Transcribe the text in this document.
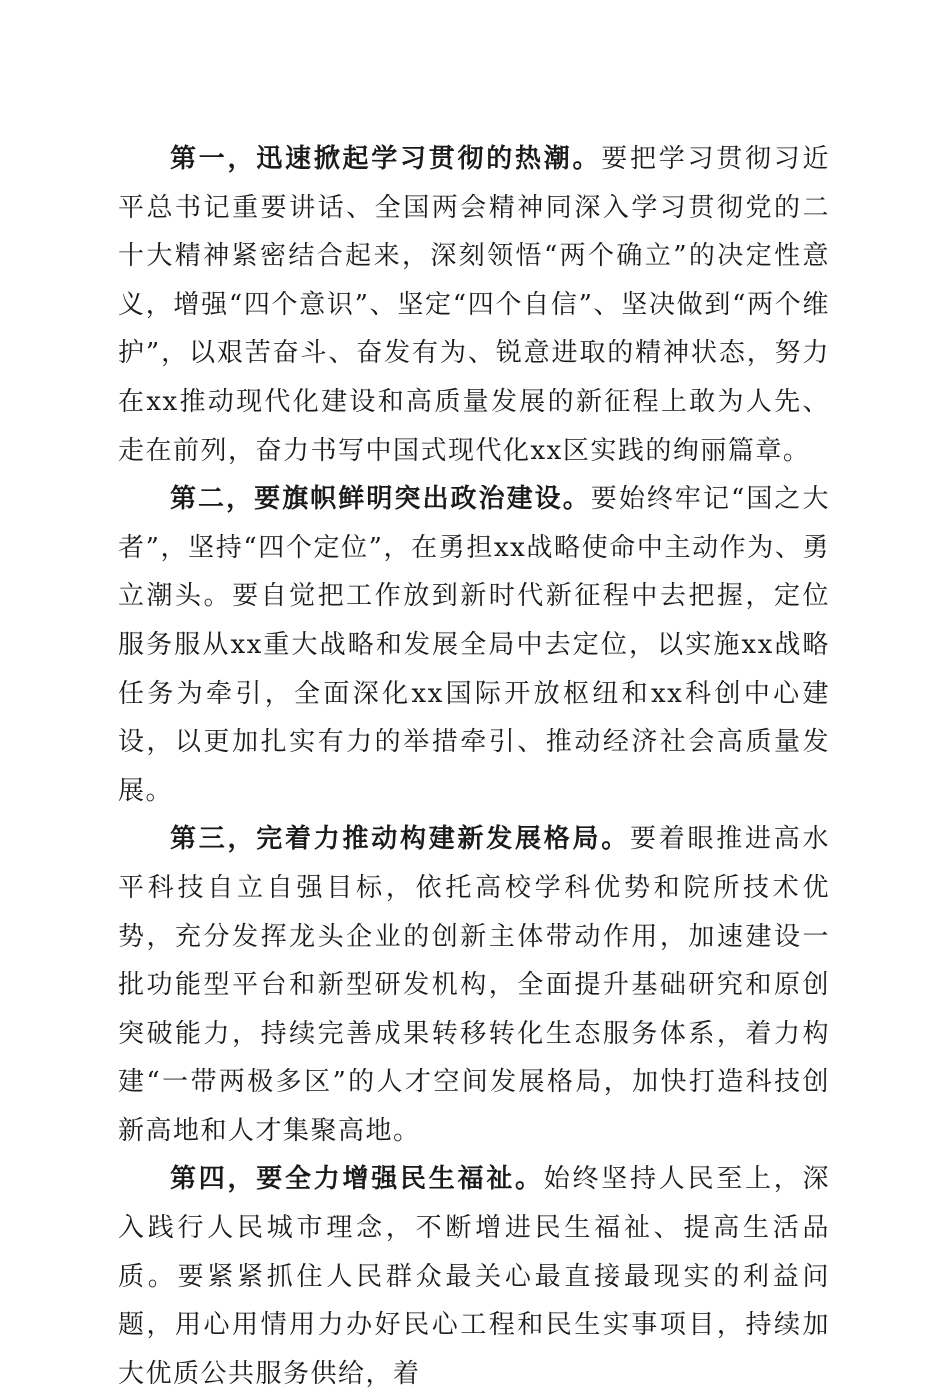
第一，迅速掀起学习贯彻的热潮。要把学习贯彻习近平总书记重要讲话、全国两会精神同深入学习贯彻党的二十大精神紧密结合起来，深刻领悟“两个确立”的决定性意义，增强“四个意识”、坚定“四个自信”、坚决做到“两个维护”，以艰苦奋斗、奋发有为、锐意进取的精神状态，努力在xx推动现代化建设和高质量发展的新征程上敢为人先、走在前列，奋力书写中国式现代化xx区实践的绚丽篇章。

第二，要旗帜鲜明突出政治建设。要始终牢记“国之大者”，坚持“四个定位”，在勇担xx战略使命中主动作为、勇立潮头。要自觉把工作放到新时代新征程中去把握，定位服务服从xx重大战略和发展全局中去定位，以实施xx战略任务为牵引，全面深化xx国际开放枢纽和xx科创中心建设，以更加扎实有力的举措牵引、推动经济社会高质量发展。

第三，完着力推动构建新发展格局。要着眼推进高水平科技自立自强目标，依托高校学科优势和院所技术优势，充分发挥龙头企业的创新主体带动作用，加速建设一批功能型平台和新型研发机构，全面提升基础研究和原创突破能力，持续完善成果转移转化生态服务体系，着力构建“一带两极多区”的人才空间发展格局，加快打造科技创新高地和人才集聚高地。

第四，要全力增强民生福祉。始终坚持人民至上，深入践行人民城市理念，不断增进民生福祉、提高生活品质。要紧紧抓住人民群众最关心最直接最现实的利益问题，用心用情用力办好民心工程和民生实事项目，持续加大优质公共服务供给，着
